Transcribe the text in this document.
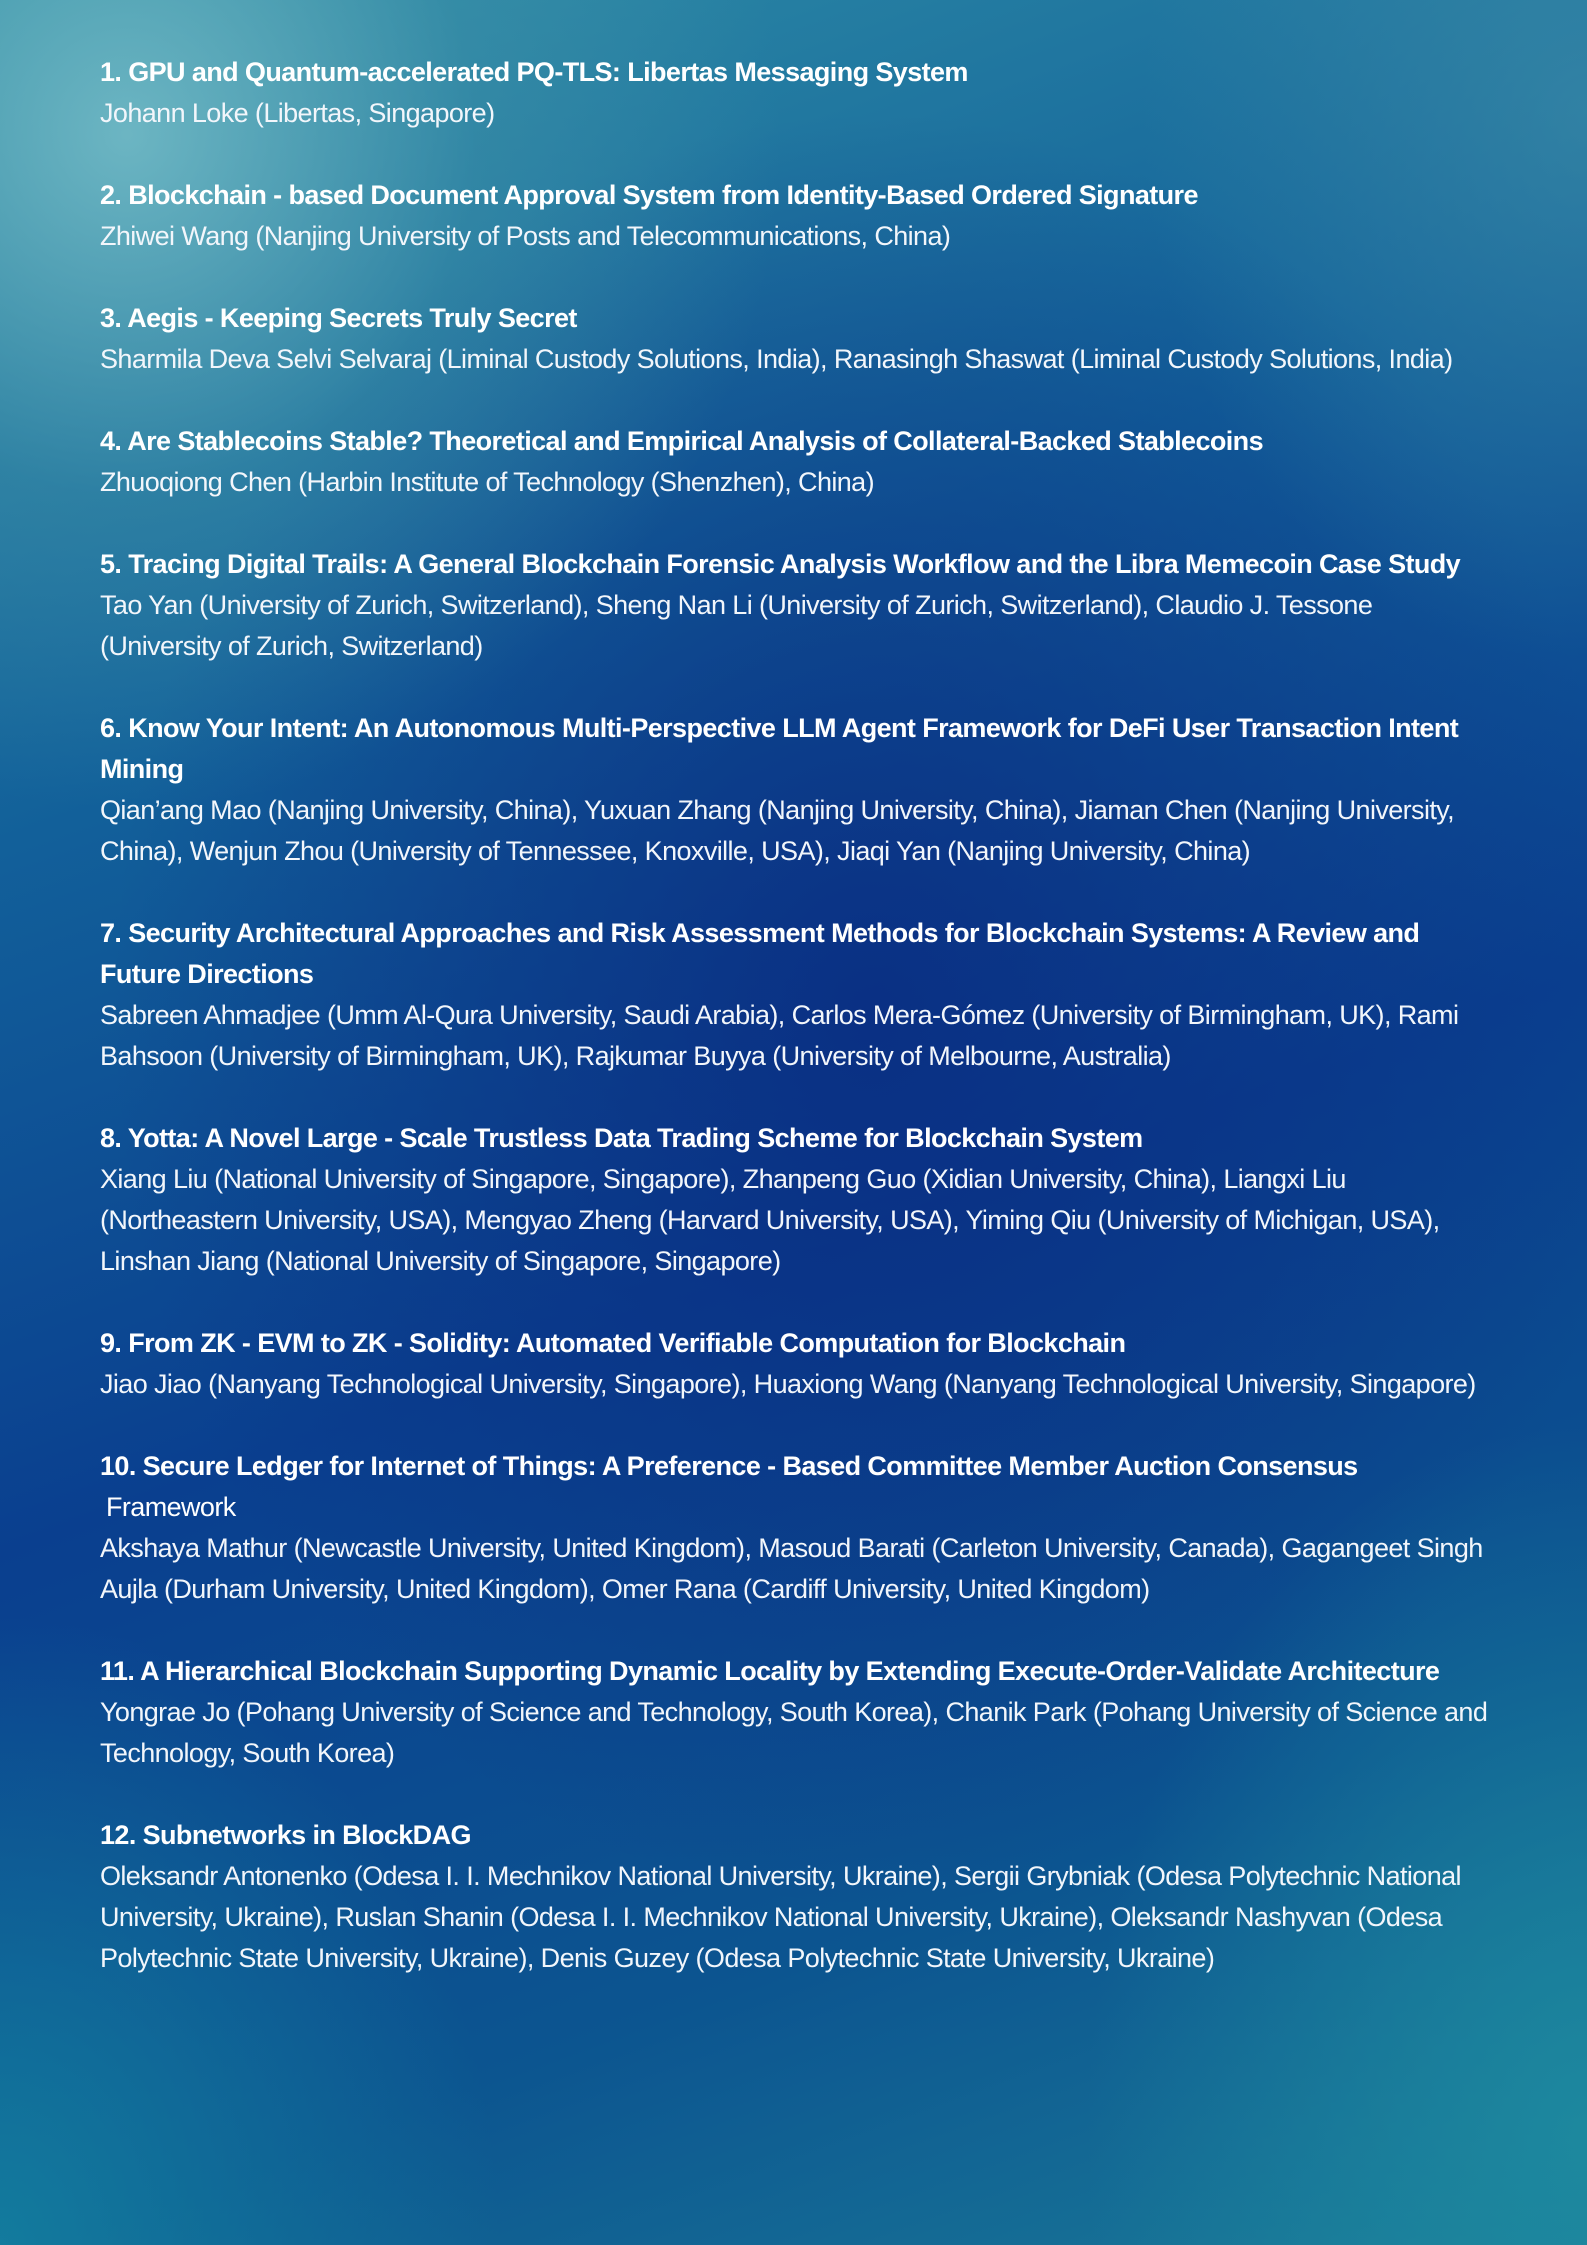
1. GPU and Quantum-accelerated PQ-TLS: Libertas Messaging System
Johann Loke (Libertas, Singapore)
2. Blockchain - based Document Approval System from Identity-Based Ordered Signature
Zhiwei Wang (Nanjing University of Posts and Telecommunications, China)
3. Aegis - Keeping Secrets Truly Secret
Sharmila Deva Selvi Selvaraj (Liminal Custody Solutions, India), Ranasingh Shaswat (Liminal Custody Solutions, India)
4. Are Stablecoins Stable? Theoretical and Empirical Analysis of Collateral-Backed Stablecoins
Zhuoqiong Chen (Harbin Institute of Technology (Shenzhen), China)
5. Tracing Digital Trails: A General Blockchain Forensic Analysis Workflow and the Libra Memecoin Case Study
Tao Yan (University of Zurich, Switzerland), Sheng Nan Li (University of Zurich, Switzerland), Claudio J. Tessone (University of Zurich, Switzerland)
6. Know Your Intent: An Autonomous Multi-Perspective LLM Agent Framework for DeFi User Transaction Intent Mining
Qian’ang Mao (Nanjing University, China), Yuxuan Zhang (Nanjing University, China), Jiaman Chen (Nanjing University, China), Wenjun Zhou (University of Tennessee, Knoxville, USA), Jiaqi Yan (Nanjing University, China)
7. Security Architectural Approaches and Risk Assessment Methods for Blockchain Systems: A Review and Future Directions
Sabreen Ahmadjee (Umm Al-Qura University, Saudi Arabia), Carlos Mera-Gómez (University of Birmingham, UK), Rami Bahsoon (University of Birmingham, UK), Rajkumar Buyya (University of Melbourne, Australia)
8. Yotta: A Novel Large - Scale Trustless Data Trading Scheme for Blockchain System
Xiang Liu (National University of Singapore, Singapore), Zhanpeng Guo (Xidian University, China), Liangxi Liu (Northeastern University, USA), Mengyao Zheng (Harvard University, USA), Yiming Qiu (University of Michigan, USA), Linshan Jiang (National University of Singapore, Singapore)
9. From ZK - EVM to ZK - Solidity: Automated Verifiable Computation for Blockchain
Jiao Jiao (Nanyang Technological University, Singapore), Huaxiong Wang (Nanyang Technological University, Singapore)
10. Secure Ledger for Internet of Things: A Preference - Based Committee Member Auction Consensus
Framework
Akshaya Mathur (Newcastle University, United Kingdom), Masoud Barati (Carleton University, Canada), Gagangeet Singh Aujla (Durham University, United Kingdom), Omer Rana (Cardiff University, United Kingdom)
11. A Hierarchical Blockchain Supporting Dynamic Locality by Extending Execute-Order-Validate Architecture
Yongrae Jo (Pohang University of Science and Technology, South Korea), Chanik Park (Pohang University of Science and Technology, South Korea)
12. Subnetworks in BlockDAG
Oleksandr Antonenko (Odesa I. I. Mechnikov National University, Ukraine), Sergii Grybniak (Odesa Polytechnic National University, Ukraine), Ruslan Shanin (Odesa I. I. Mechnikov National University, Ukraine), Oleksandr Nashyvan (Odesa Polytechnic State University, Ukraine), Denis Guzey (Odesa Polytechnic State University, Ukraine)
